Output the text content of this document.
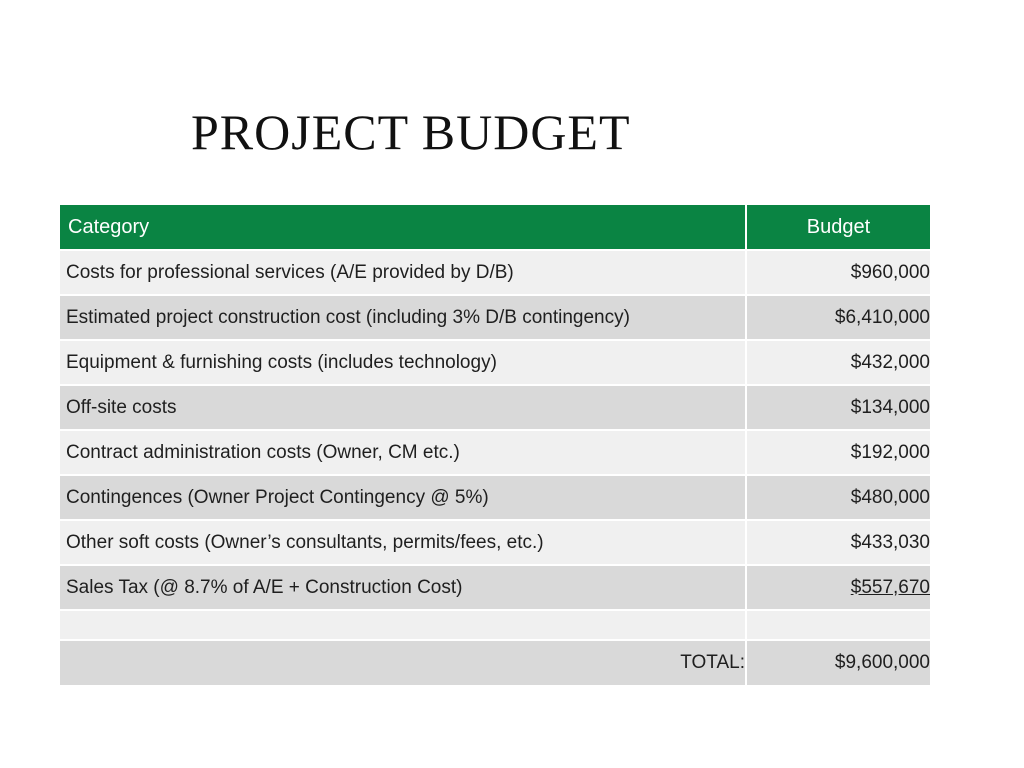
PROJECT BUDGET
Category	Budget

Costs for professional services (A/E provided by D/B)	$960,000

Estimated project construction cost (including 3% D/B contingency)	$6,410,000

Equipment & furnishing costs (includes technology)	$432,000

Off-site costs	$134,000

Contract administration costs (Owner, CM etc.)	$192,000

Contingences (Owner Project Contingency @ 5%)	$480,000

Other soft costs (Owner’s consultants, permits/fees, etc.)	$433,030

Sales Tax (@ 8.7% of A/E + Construction Cost)	$557,670

TOTAL:	$9,600,000
